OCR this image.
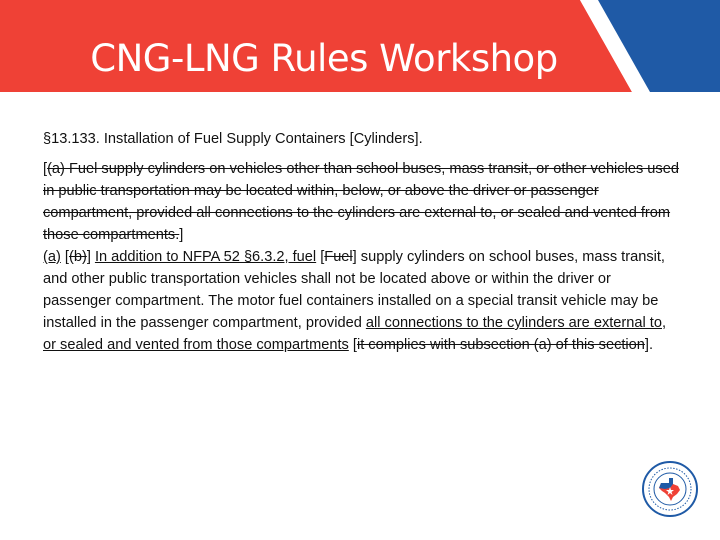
CNG-LNG Rules Workshop

§13.133. Installation of Fuel Supply Containers [Cylinders].

[(a) Fuel supply cylinders on vehicles other than school buses, mass transit, or other vehicles used in public transportation may be located within, below, or above the driver or passenger compartment, provided all connections to the cylinders are external to, or sealed and vented from those compartments.]

(a) [(b)] In addition to NFPA 52 §6.3.2, fuel [Fuel] supply cylinders on school buses, mass transit, and other public transportation vehicles shall not be located above or within the driver or passenger compartment. The motor fuel containers installed on a special transit vehicle may be installed in the passenger compartment, provided all connections to the cylinders are external to, or sealed and vented from those compartments [it complies with subsection (a) of this section].
